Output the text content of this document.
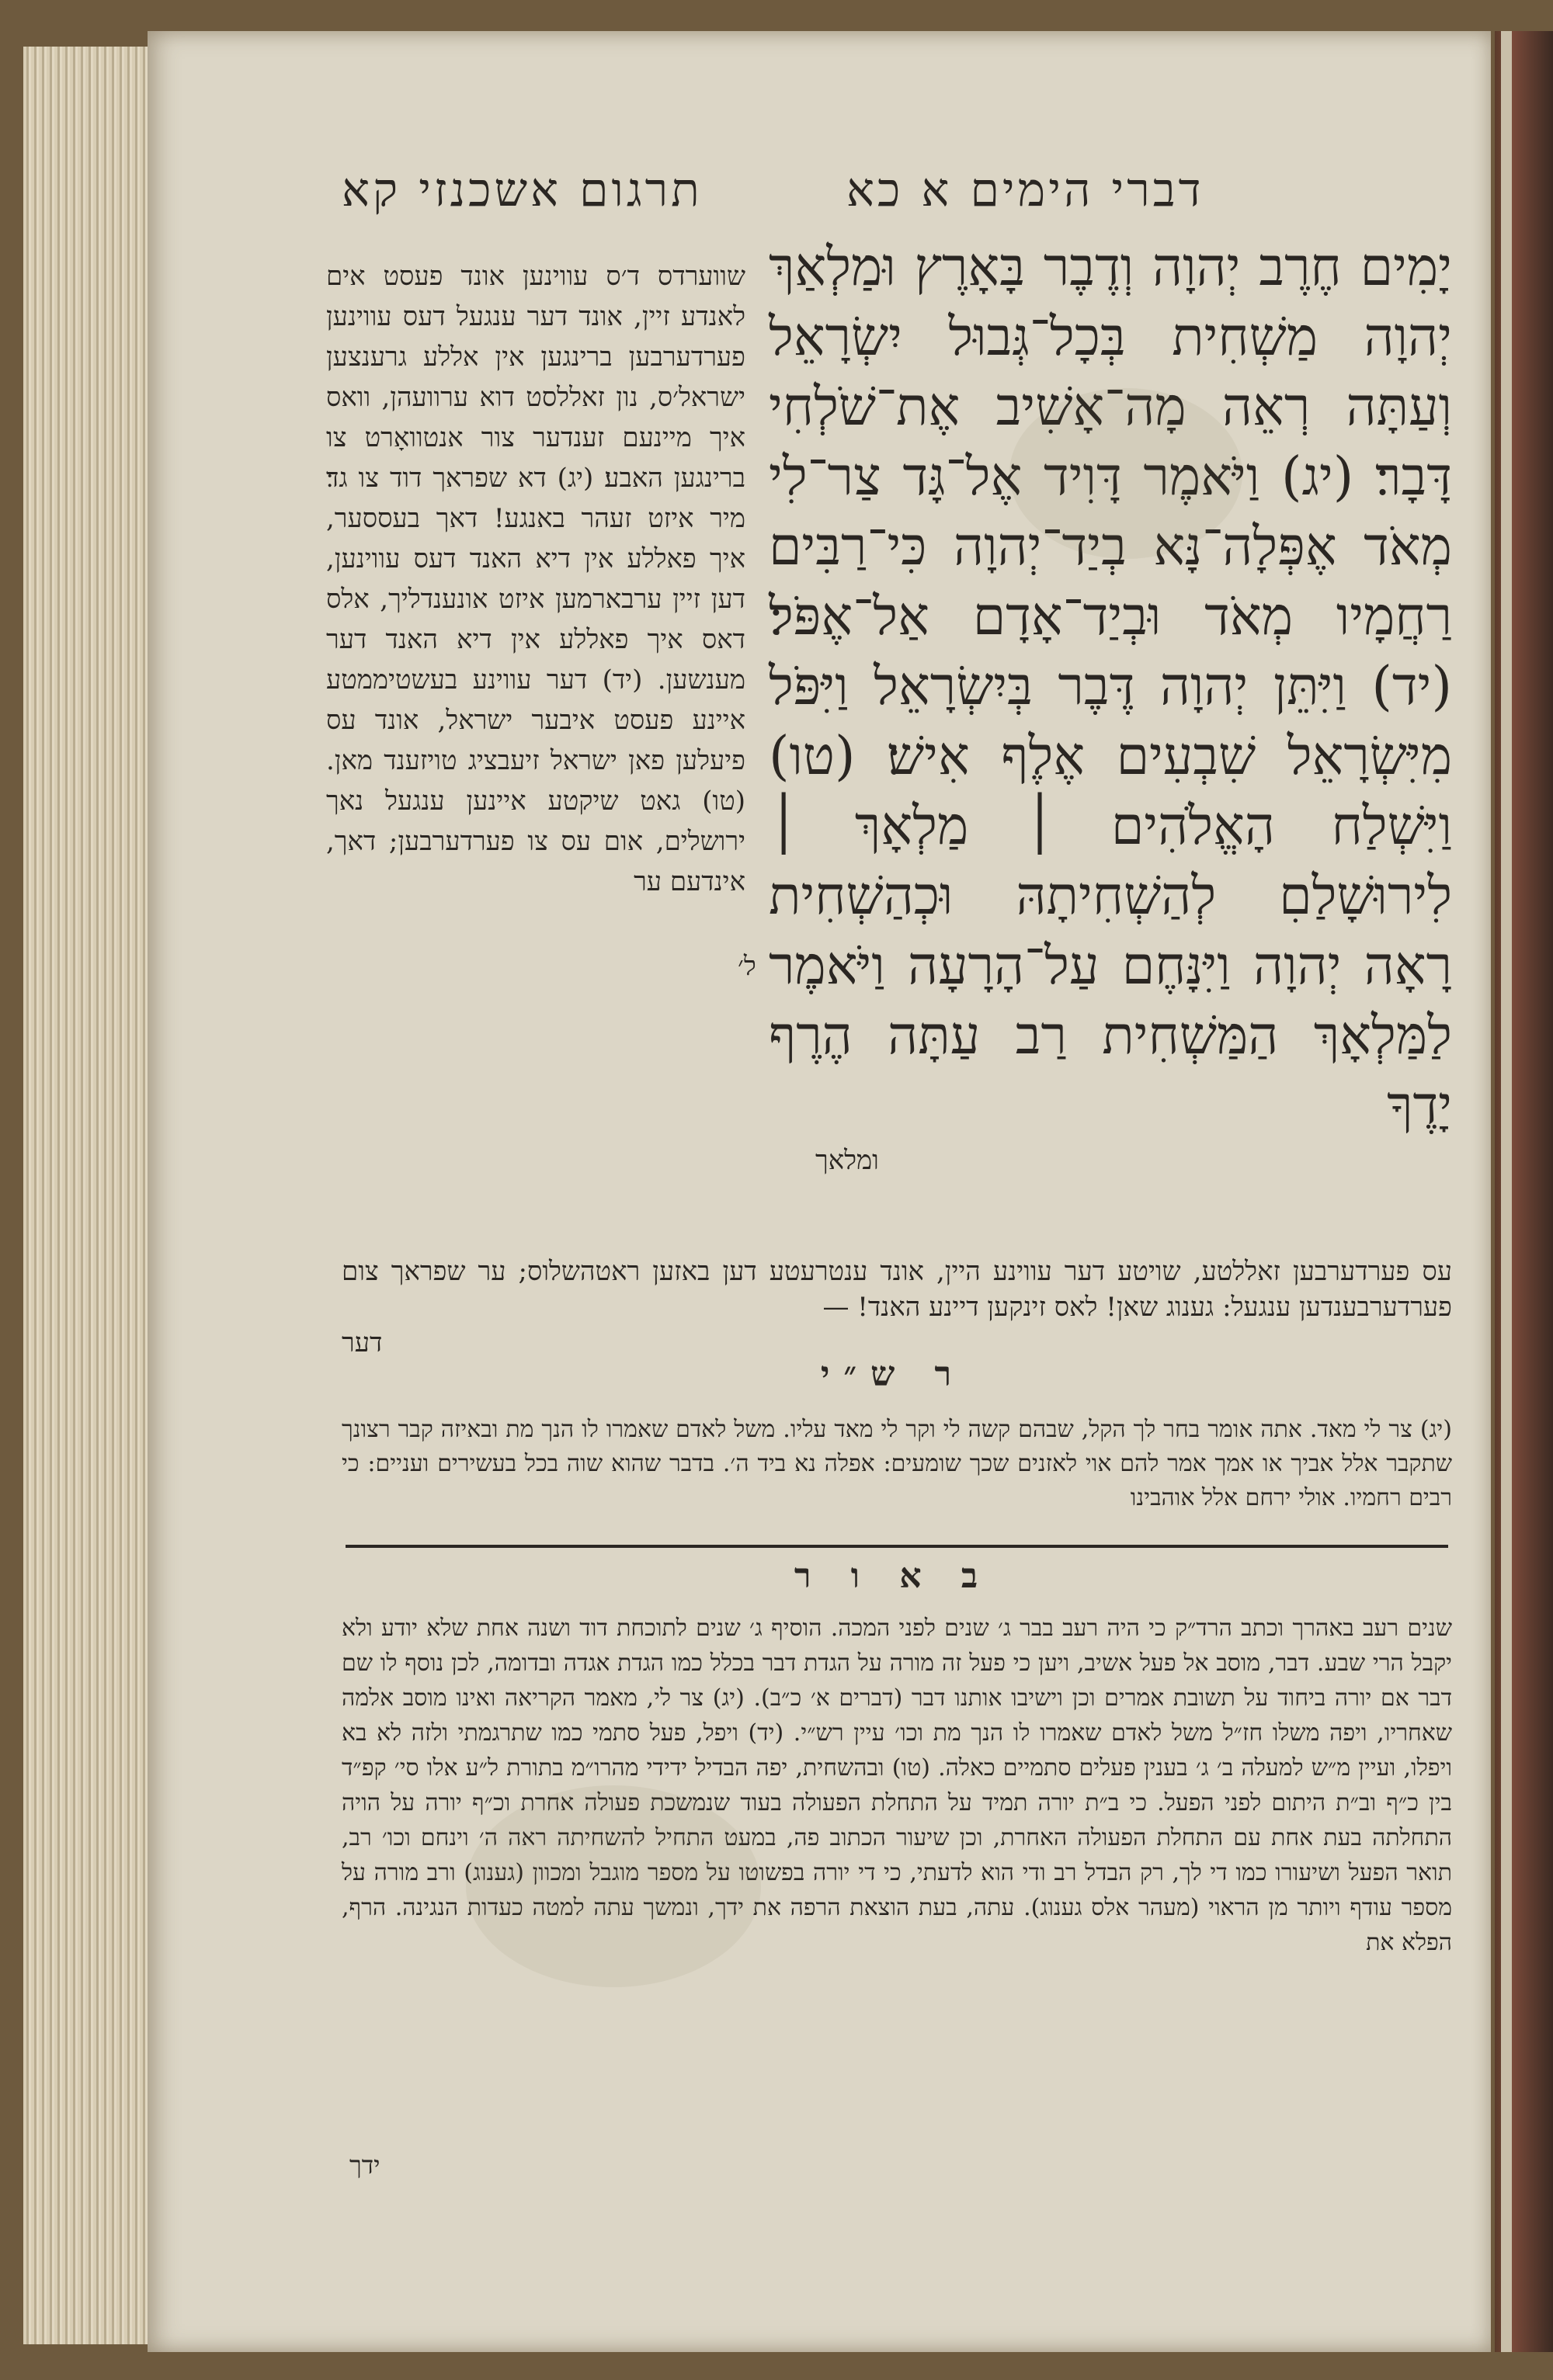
תרגום אשכנזי קא	דברי הימים א כא
יָמִים חֶרֶב יְהוָה וְדֶבֶר בָּאָרֶץ וּמַלְאַךְ יְהוָה מַשְׁחִית בְּכָל־גְּבוּל יִשְׂרָאֵל וְעַתָּה רְאֵה מָה־אָשִׁיב אֶת־שֹׁלְחִי דָּבָר׃ (יג) וַיֹּאמֶר דָּוִיד אֶל־גָּד צַר־לִי מְאֹד אֶפְּלָה־נָּא בְיַד־יְהוָה כִּי־רַבִּים רַחֲמָיו מְאֹד וּבְיַד־אָדָם אַל־אֶפֹּל׃ (יד) וַיִּתֵּן יְהוָה דֶּבֶר בְּיִשְׂרָאֵל וַיִּפֹּל מִיִּשְׂרָאֵל שִׁבְעִים אֶלֶף אִישׁ׃ (טו) וַיִּשְׁלַח הָאֱלֹהִים ׀ מַלְאָךְ ׀ לִירוּשָׁלַםִ לְהַשְׁחִיתָהּ וּכְהַשְׁחִית רָאָה יְהוָה וַיִּנָּחֶם עַל־הָרָעָה וַיֹּאמֶר לַמַּלְאָךְ הַמַּשְׁחִית רַב עַתָּה הֶרֶף יָדֶךָ
ל׳
ומלאך
שווערדס ד׳ס עווינען אונד פעסט אים לאנדע זיין, אונד דער ענגעל דעס עווינען פערדערבען ברינגען אין אללע גרענצען ישראל׳ס, נון זאללסט דוא ערוועהן, וואס איך מיינעם זענדער צור אנטוואָרט צו ברינגען האבע׃ (יג) דא שפראך דוד צו גד׃ מיר איזט זעהר באנגע! דאך בעססער, איך פאללע אין דיא האנד דעס עווינען, דען זיין ערבארמען איזט אונענדליך, אלס דאס איך פאללע אין דיא האנד דער מענשען. (יד) דער עווינע בעשטיממטע איינע פעסט איבער ישראל, אונד עס פיעלען פאן ישראל זיעבציג טויזענד מאן. (טו) גאט שיקטע איינען ענגעל נאך ירושלים, אום עס צו פערדערבען; דאך, אינדעם ער
עס פערדערבען זאללטע, שויטע דער עווינע היין, אונד ענטרעטע דען באזען ראטהשלוס; ער שפראך צום פערדערבענדען ענגעל: גענוג שאן! לאס זינקען דיינע האנד! —
דער
ר ש״י
(יג) צר לי מאד. אתה אומר בחר לך הקל, שבהם קשה לי וקר לי מאד עליו. משל לאדם שאמרו לו הנך מת ובאיזה קבר רצונך שתקבר אלל אביך או אמך אמר להם אוי לאזנים שכך שומעים: אפלה נא ביד ה׳. בדבר שהוא שוה בכל בעשירים ועניים: כי רבים רחמיו. אולי ירחם אלל אוהבינו
ב א ו ר
שנים רעב באהרך וכתב הרד״ק כי היה רעב בבר ג׳ שנים לפני המכה. הוסיף ג׳ שנים לתוכחת דוד ושנה אחת שלא יודע ולא יקבל הרי שבע. דבר, מוסב אל פעל אשיב, ויען כי פעל זה מורה על הגדת דבר בכלל כמו הגדת אגדה ובדומה, לכן נוסף לו שם דבר אם יורה ביחוד על תשובת אמרים וכן וישיבו אותנו דבר (דברים א׳ כ״ב). (יג) צר לי, מאמר הקריאה ואינו מוסב אלמה שאחריו, ויפה משלו חז״ל משל לאדם שאמרו לו הנך מת וכו׳ עיין רש״י. (יד) ויפל, פעל סתמי כמו שתרגמתי ולזה לא בא ויפלו, ועיין מ״ש למעלה ב׳ ג׳ בענין פעלים סתמיים כאלה. (טו) ובהשחית, יפה הבדיל ידידי מהרו״מ בתורת ל״ע אלו סי׳ קפ״ד בין כ״ף וב״ת היתום לפני הפעל. כי ב״ת יורה תמיד על התחלת הפעולה בעוד שנמשכת פעולה אחרת וכ״ף יורה על הויה התחלתה בעת אחת עם התחלת הפעולה האחרת, וכן שיעור הכתוב פה, במעט התחיל להשחיתה ראה ה׳ וינחם וכו׳ רב, תואר הפעל ושיעורו כמו די לך, רק הבדל רב ודי הוא לדעתי, כי די יורה בפשוטו על מספר מוגבל ומכוון (גענוג) ורב מורה על מספר עודף ויותר מן הראוי (מעהר אלס גענוג). עתה, בעת הוצאת הרפה את ידך, ונמשך עתה למטה כעדות הנגינה. הרף, הפלא את
ידך
